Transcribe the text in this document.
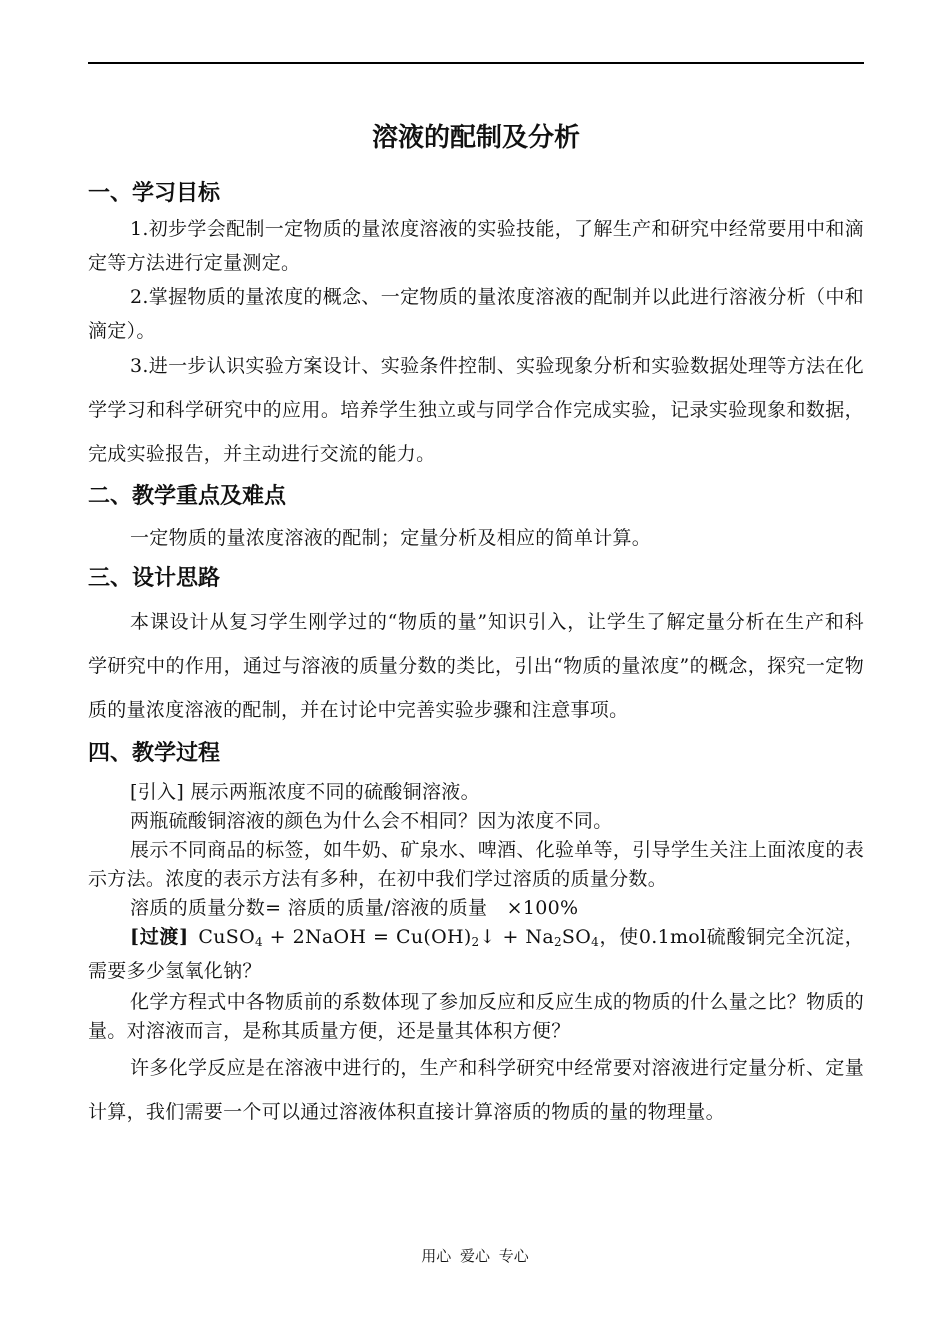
溶液的配制及分析
一、学习目标

1.初步学会配制一定物质的量浓度溶液的实验技能，了解生产和研究中经常要用中和滴定等方法进行定量测定。

2.掌握物质的量浓度的概念、一定物质的量浓度溶液的配制并以此进行溶液分析（中和滴定）。

3.进一步认识实验方案设计、实验条件控制、实验现象分析和实验数据处理等方法在化学学习和科学研究中的应用。培养学生独立或与同学合作完成实验，记录实验现象和数据，完成实验报告，并主动进行交流的能力。

二、教学重点及难点

一定物质的量浓度溶液的配制；定量分析及相应的简单计算。

三、设计思路

本课设计从复习学生刚学过的“物质的量”知识引入，让学生了解定量分析在生产和科学研究中的作用，通过与溶液的质量分数的类比，引出“物质的量浓度”的概念，探究一定物质的量浓度溶液的配制，并在讨论中完善实验步骤和注意事项。

四、教学过程

[引入] 展示两瓶浓度不同的硫酸铜溶液。

两瓶硫酸铜溶液的颜色为什么会不相同？因为浓度不同。

展示不同商品的标签，如牛奶、矿泉水、啤酒、化验单等，引导学生关注上面浓度的表示方法。浓度的表示方法有多种，在初中我们学过溶质的质量分数。

溶质的质量分数= 溶质的质量/溶液的质量　×100%

[过渡] CuSO$_4$ + 2NaOH = $Cu(OH)_2↓ + Na_2SO_4$，使0.1mol硫酸铜完全沉淀，需要多少氢氧化钠？

化学方程式中各物质前的系数体现了参加反应和反应生成的物质的什么量之比？物质的量。对溶液而言，是称其质量方便，还是量其体积方便？

许多化学反应是在溶液中进行的，生产和科学研究中经常要对溶液进行定量分析、定量计算，我们需要一个可以通过溶液体积直接计算溶质的物质的量的物理量。

用心 爱心 专心
